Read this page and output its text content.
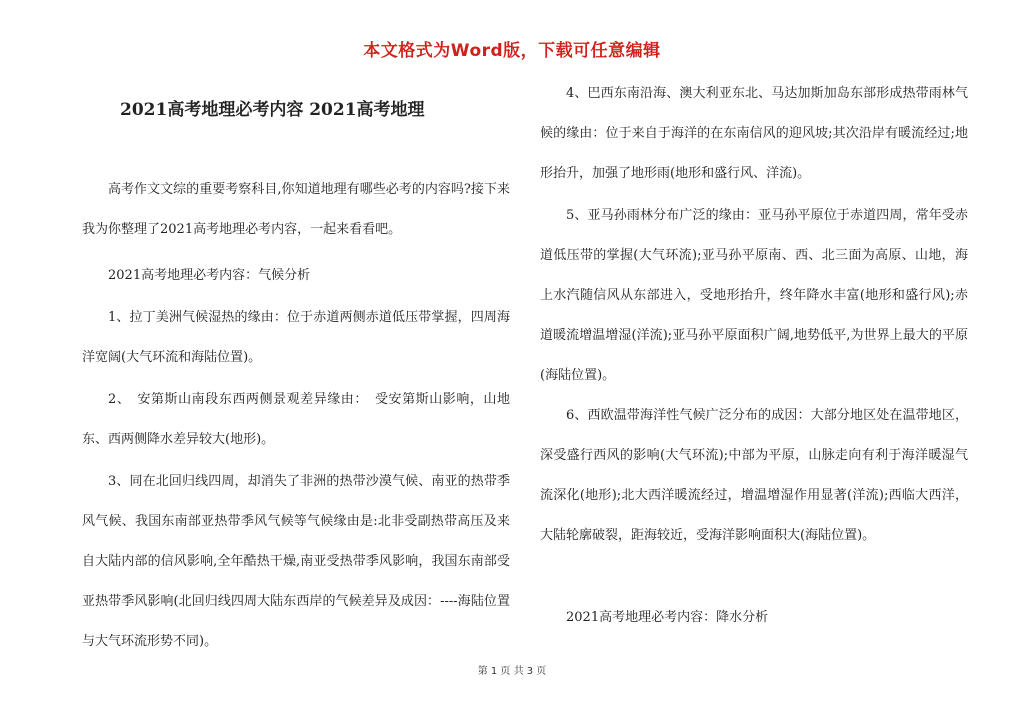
本文格式为Word版，下载可任意编辑
2021高考地理必考内容 2021高考地理

高考作文文综的重要考察科目,你知道地理有哪些必考的内容吗?接下来我为你整理了2021高考地理必考内容，一起来看看吧。

2021高考地理必考内容：气候分析

1、拉丁美洲气候湿热的缘由：位于赤道两侧赤道低压带掌握，四周海洋宽阔(大气环流和海陆位置)。

2、　安第斯山南段东西两侧景观差异缘由：　受安第斯山影响，山地东、西两侧降水差异较大(地形)。

3、同在北回归线四周，却消失了非洲的热带沙漠气候、南亚的热带季风气候、我国东南部亚热带季风气候等气候缘由是:北非受副热带高压及来自大陆内部的信风影响,全年酷热干燥,南亚受热带季风影响，我国东南部受亚热带季风影响(北回归线四周大陆东西岸的气候差异及成因：----海陆位置与大气环流形势不同)。

4、巴西东南沿海、澳大利亚东北、马达加斯加岛东部形成热带雨林气候的缘由：位于来自于海洋的在东南信风的迎风坡;其次沿岸有暖流经过;地形抬升，加强了地形雨(地形和盛行风、洋流)。

5、亚马孙雨林分布广泛的缘由：亚马孙平原位于赤道四周，常年受赤道低压带的掌握(大气环流);亚马孙平原南、西、北三面为高原、山地，海上水汽随信风从东部进入，受地形抬升，终年降水丰富(地形和盛行风);赤道暖流增温增湿(洋流);亚马孙平原面积广阔,地势低平,为世界上最大的平原(海陆位置)。

6、西欧温带海洋性气候广泛分布的成因：大部分地区处在温带地区，深受盛行西风的影响(大气环流);中部为平原，山脉走向有利于海洋暖湿气流深化(地形);北大西洋暖流经过，增温增湿作用显著(洋流);西临大西洋，大陆轮廓破裂，距海较近，受海洋影响面积大(海陆位置)。

2021高考地理必考内容：降水分析

第 1 页 共 3 页
